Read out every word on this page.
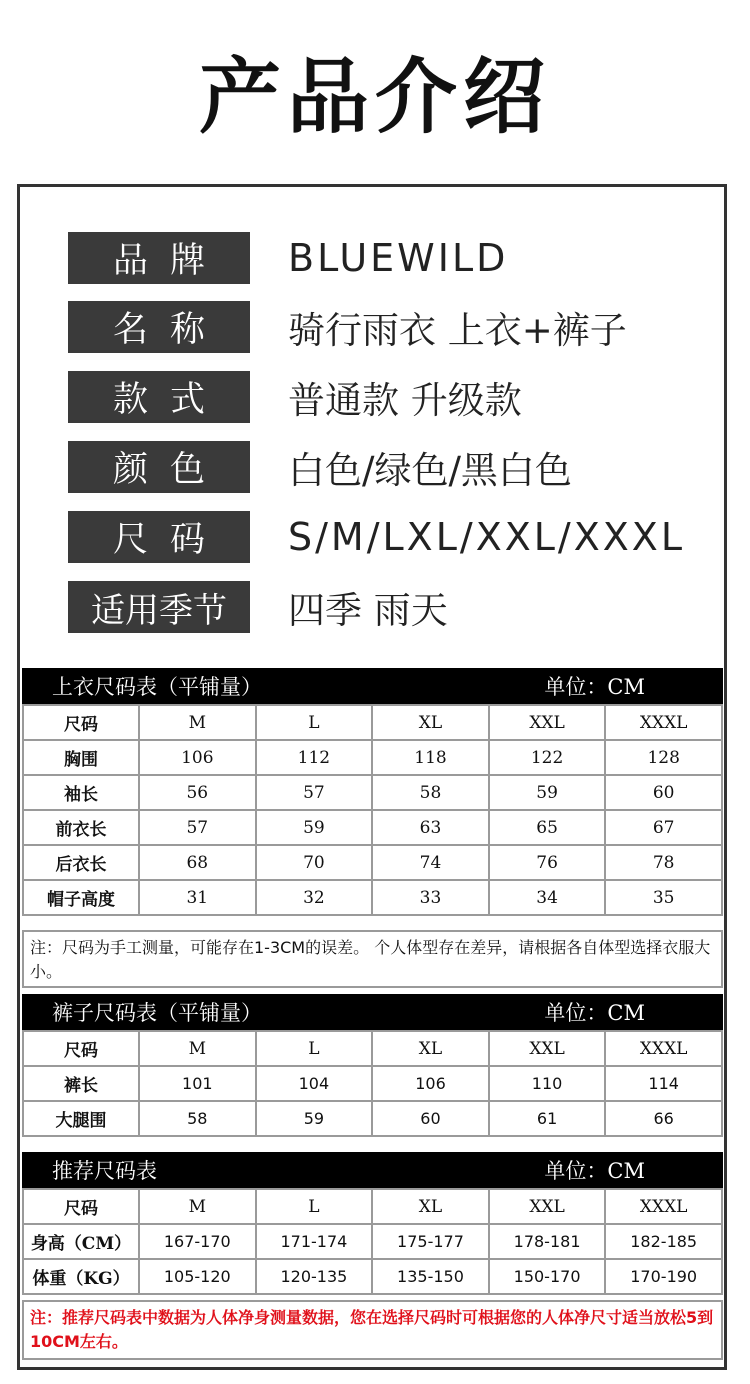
产品介绍
品牌	BLUEWILD
名称	骑行雨衣 上衣+裤子
款式	普通款 升级款
颜色	白色/绿色/黑白色
尺码	S/M/LXL/XXL/XXXL
适用季节	四季 雨天
上衣尺码表（平铺量）	单位：CM
尺码	M	L	XL	XXL	XXXL
胸围	106	112	118	122	128
袖长	56	57	58	59	60
前衣长	57	59	63	65	67
后衣长	68	70	74	76	78
帽子高度	31	32	33	34	35
注：尺码为手工测量，可能存在1-3CM的误差。 个人体型存在差异，请根据各自体型选择衣服大小。
裤子尺码表（平铺量）	单位：CM
尺码	M	L	XL	XXL	XXXL
裤长	101	104	106	110	114
大腿围	58	59	60	61	66
推荐尺码表	单位：CM
尺码	M	L	XL	XXL	XXXL
身高（CM）	167-170	171-174	175-177	178-181	182-185
体重（KG）	105-120	120-135	135-150	150-170	170-190
注：推荐尺码表中数据为人体净身测量数据，您在选择尺码时可根据您的人体净尺寸适当放松5到10CM左右。
